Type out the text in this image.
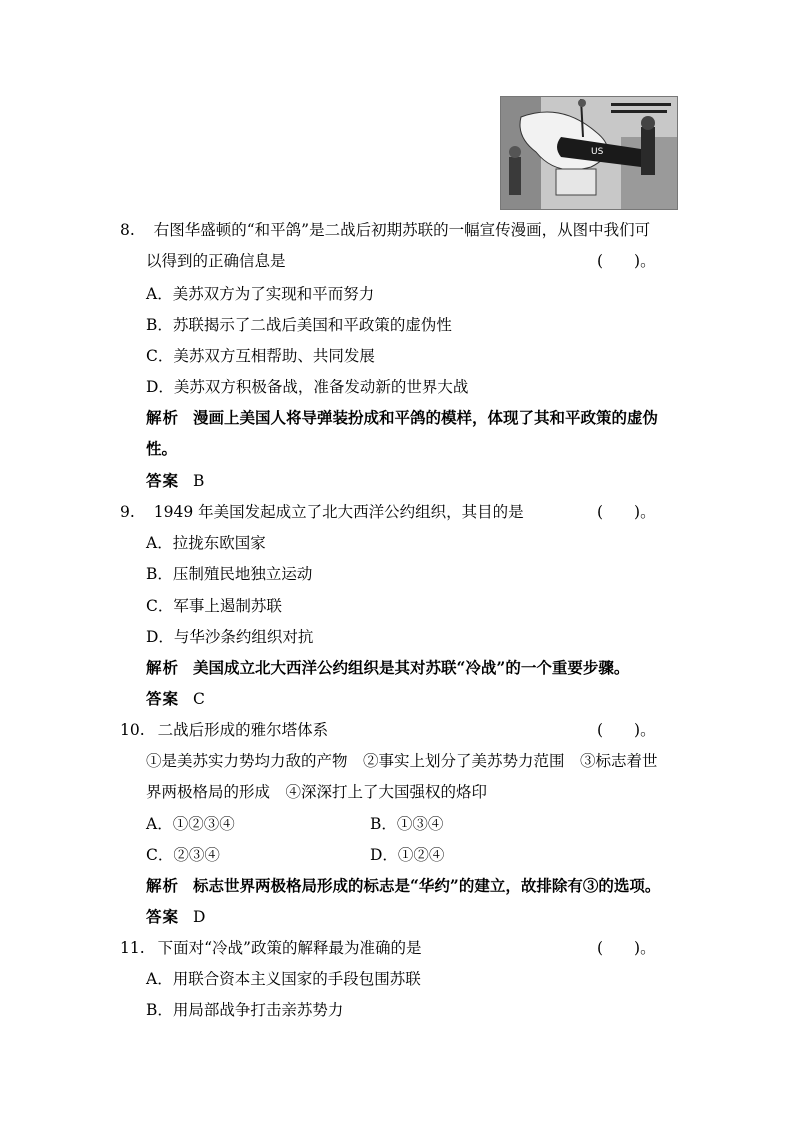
US
8. 右图华盛顿的“和平鸽”是二战后初期苏联的一幅宣传漫画，从图中我们可
以得到的正确信息是	(　　)。
A．美苏双方为了实现和平而努力
B．苏联揭示了二战后美国和平政策的虚伪性
C．美苏双方互相帮助、共同发展
D．美苏双方积极备战，准备发动新的世界大战
解析 漫画上美国人将导弹装扮成和平鸽的模样，体现了其和平政策的虚伪
性。
答案 B
9. 1949 年美国发起成立了北大西洋公约组织，其目的是	(　　)。
A．拉拢东欧国家
B．压制殖民地独立运动
C．军事上遏制苏联
D．与华沙条约组织对抗
解析 美国成立北大西洋公约组织是其对苏联“冷战”的一个重要步骤。
答案 C
10. 二战后形成的雅尔塔体系	(　　)。
①是美苏实力势均力敌的产物　②事实上划分了美苏势力范围　③标志着世
界两极格局的形成　④深深打上了大国强权的烙印
A．①②③④	B．①③④
C．②③④	D．①②④
解析 标志世界两极格局形成的标志是“华约”的建立，故排除有③的选项。
答案 D
11. 下面对“冷战”政策的解释最为准确的是	(　　)。
A．用联合资本主义国家的手段包围苏联
B．用局部战争打击亲苏势力
